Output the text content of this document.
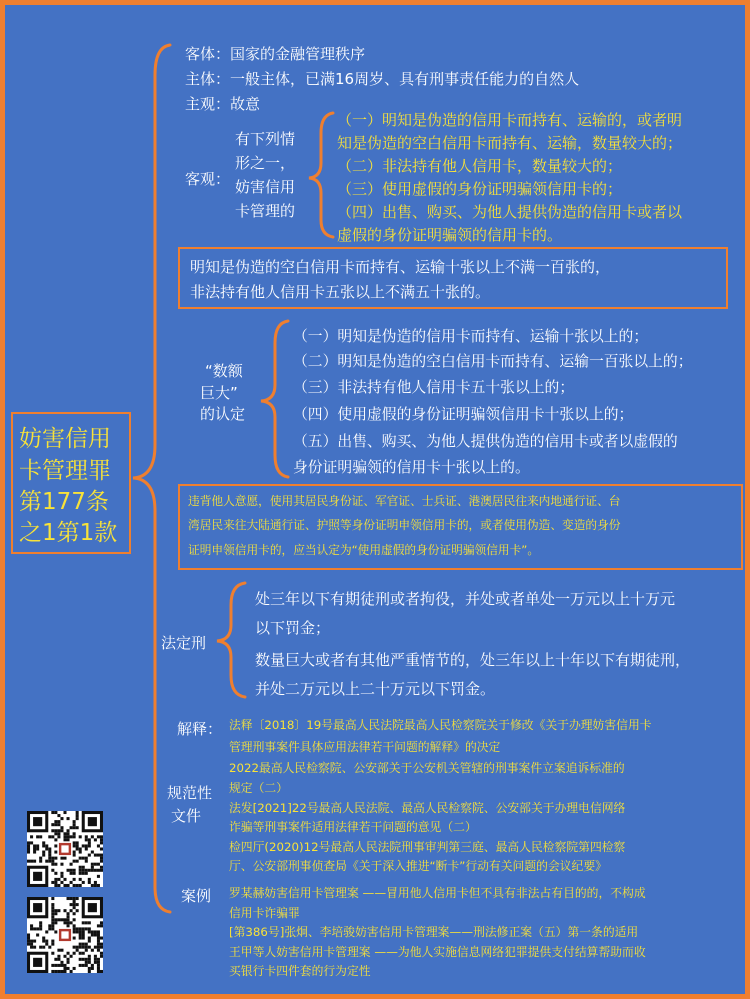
妨害信用

卡管理罪

第177条

之1第1款

客体：国家的金融管理秩序

主体：一般主体，已满16周岁、具有刑事责任能力的自然人

主观：故意

客观：

有下列情

形之一，

妨害信用

卡管理的

（一）明知是伪造的信用卡而持有、运输的，或者明

知是伪造的空白信用卡而持有、运输，数量较大的；

（二）非法持有他人信用卡，数量较大的；

（三）使用虚假的身份证明骗领信用卡的；

（四）出售、购买、为他人提供伪造的信用卡或者以

虚假的身份证明骗领的信用卡的。

明知是伪造的空白信用卡而持有、运输十张以上不满一百张的，

非法持有他人信用卡五张以上不满五十张的。

“数额

巨大”

的认定

（一）明知是伪造的信用卡而持有、运输十张以上的；

（二）明知是伪造的空白信用卡而持有、运输一百张以上的；

（三）非法持有他人信用卡五十张以上的；

（四）使用虚假的身份证明骗领信用卡十张以上的；

（五）出售、购买、为他人提供伪造的信用卡或者以虚假的

身份证明骗领的信用卡十张以上的。

违背他人意愿，使用其居民身份证、军官证、士兵证、港澳居民往来内地通行证、台

湾居民来往大陆通行证、护照等身份证明申领信用卡的，或者使用伪造、变造的身份

证明申领信用卡的，应当认定为“使用虚假的身份证明骗领信用卡”。

法定刑

处三年以下有期徒刑或者拘役，并处或者单处一万元以上十万元

以下罚金；

数量巨大或者有其他严重情节的，处三年以上十年以下有期徒刑，

并处二万元以上二十万元以下罚金。

解释： 法释〔2018〕19号最高人民法院最高人民检察院关于修改《关于办理妨害信用卡

管理刑事案件具体应用法律若干问题的解释》的决定

规范性

文件

2022最高人民检察院、公安部关于公安机关管辖的刑事案件立案追诉标准的

规定（二）

法发[2021]22号最高人民法院、最高人民检察院、公安部关于办理电信网络

诈骗等刑事案件适用法律若干问题的意见（二）

检四厅(2020)12号最高人民法院刑事审判第三庭、最高人民检察院第四检察

厅、公安部刑事侦查局《关于深入推进“断卡”行动有关问题的会议纪要》

案例 罗某赫妨害信用卡管理案 ——冒用他人信用卡但不具有非法占有目的的，不构成

信用卡诈骗罪

[第386号]张炯、李培骏妨害信用卡管理案——刑法修正案（五）第一条的适用

王甲等人妨害信用卡管理案 ——为他人实施信息网络犯罪提供支付结算帮助而收

买银行卡四件套的行为定性
